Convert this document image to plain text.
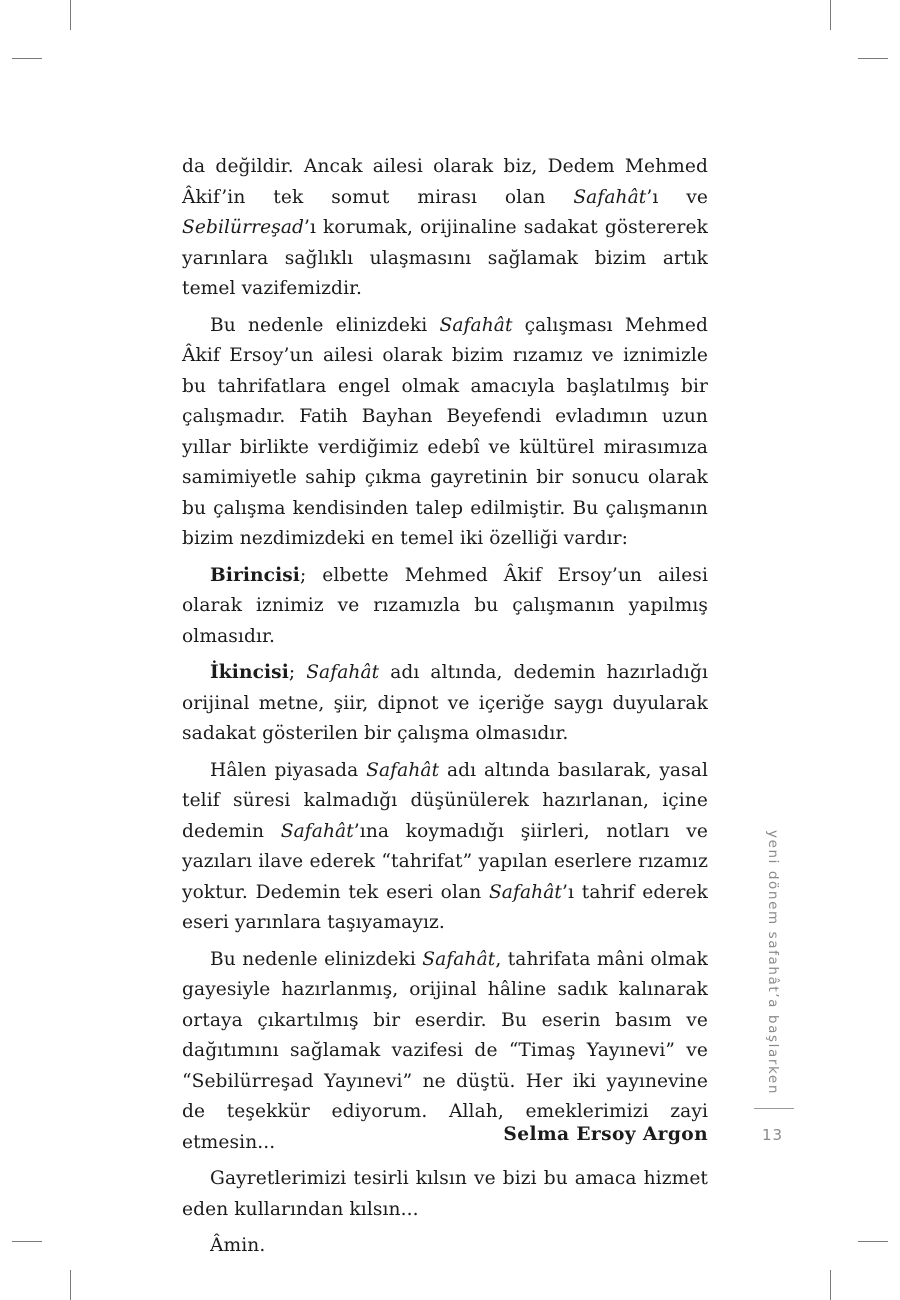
da değildir. Ancak ailesi olarak biz, Dedem Mehmed Âkif’in tek somut mirası olan Safahât’ı ve Sebilürreşad’ı korumak, orijinaline sadakat göstererek yarınlara sağlıklı ulaşmasını sağlamak bizim artık temel vazifemizdir.

Bu nedenle elinizdeki Safahât çalışması Mehmed Âkif Ersoy’un ailesi olarak bizim rızamız ve iznimizle bu tahrifatlara engel olmak amacıyla başlatılmış bir çalışmadır. Fatih Bayhan Beyefendi evladımın uzun yıllar birlikte verdiğimiz edebî ve kültürel mirasımıza samimiyetle sahip çıkma gayretinin bir sonucu olarak bu çalışma kendisinden talep edilmiştir. Bu çalışmanın bizim nezdimizdeki en temel iki özelliği vardır:

Birincisi; elbette Mehmed Âkif Ersoy’un ailesi olarak iznimiz ve rızamızla bu çalışmanın yapılmış olmasıdır.

İkincisi; Safahât adı altında, dedemin hazırladığı orijinal metne, şiir, dipnot ve içeriğe saygı duyularak sadakat gösterilen bir çalışma olmasıdır.

Hâlen piyasada Safahât adı altında basılarak, yasal telif süresi kalmadığı düşünülerek hazırlanan, içine dedemin Safahât’ına koymadığı şiirleri, notları ve yazıları ilave ederek “tahrifat” yapılan eserlere rızamız yoktur. Dedemin tek eseri olan Safahât’ı tahrif ederek eseri yarınlara taşıyamayız.

Bu nedenle elinizdeki Safahât, tahrifata mâni olmak gayesiyle hazırlanmış, orijinal hâline sadık kalınarak ortaya çıkartılmış bir eserdir. Bu eserin basım ve dağıtımını sağlamak vazifesi de “Timaş Yayınevi” ve “Sebilürreşad Yayınevi” ne düştü. Her iki yayınevine de teşekkür ediyorum. Allah, emeklerimizi zayi etmesin...

Gayretlerimizi tesirli kılsın ve bizi bu amaca hizmet eden kullarından kılsın...

Âmin.

Selma Ersoy Argon
yeni dönem safahât’a başlarken
13
